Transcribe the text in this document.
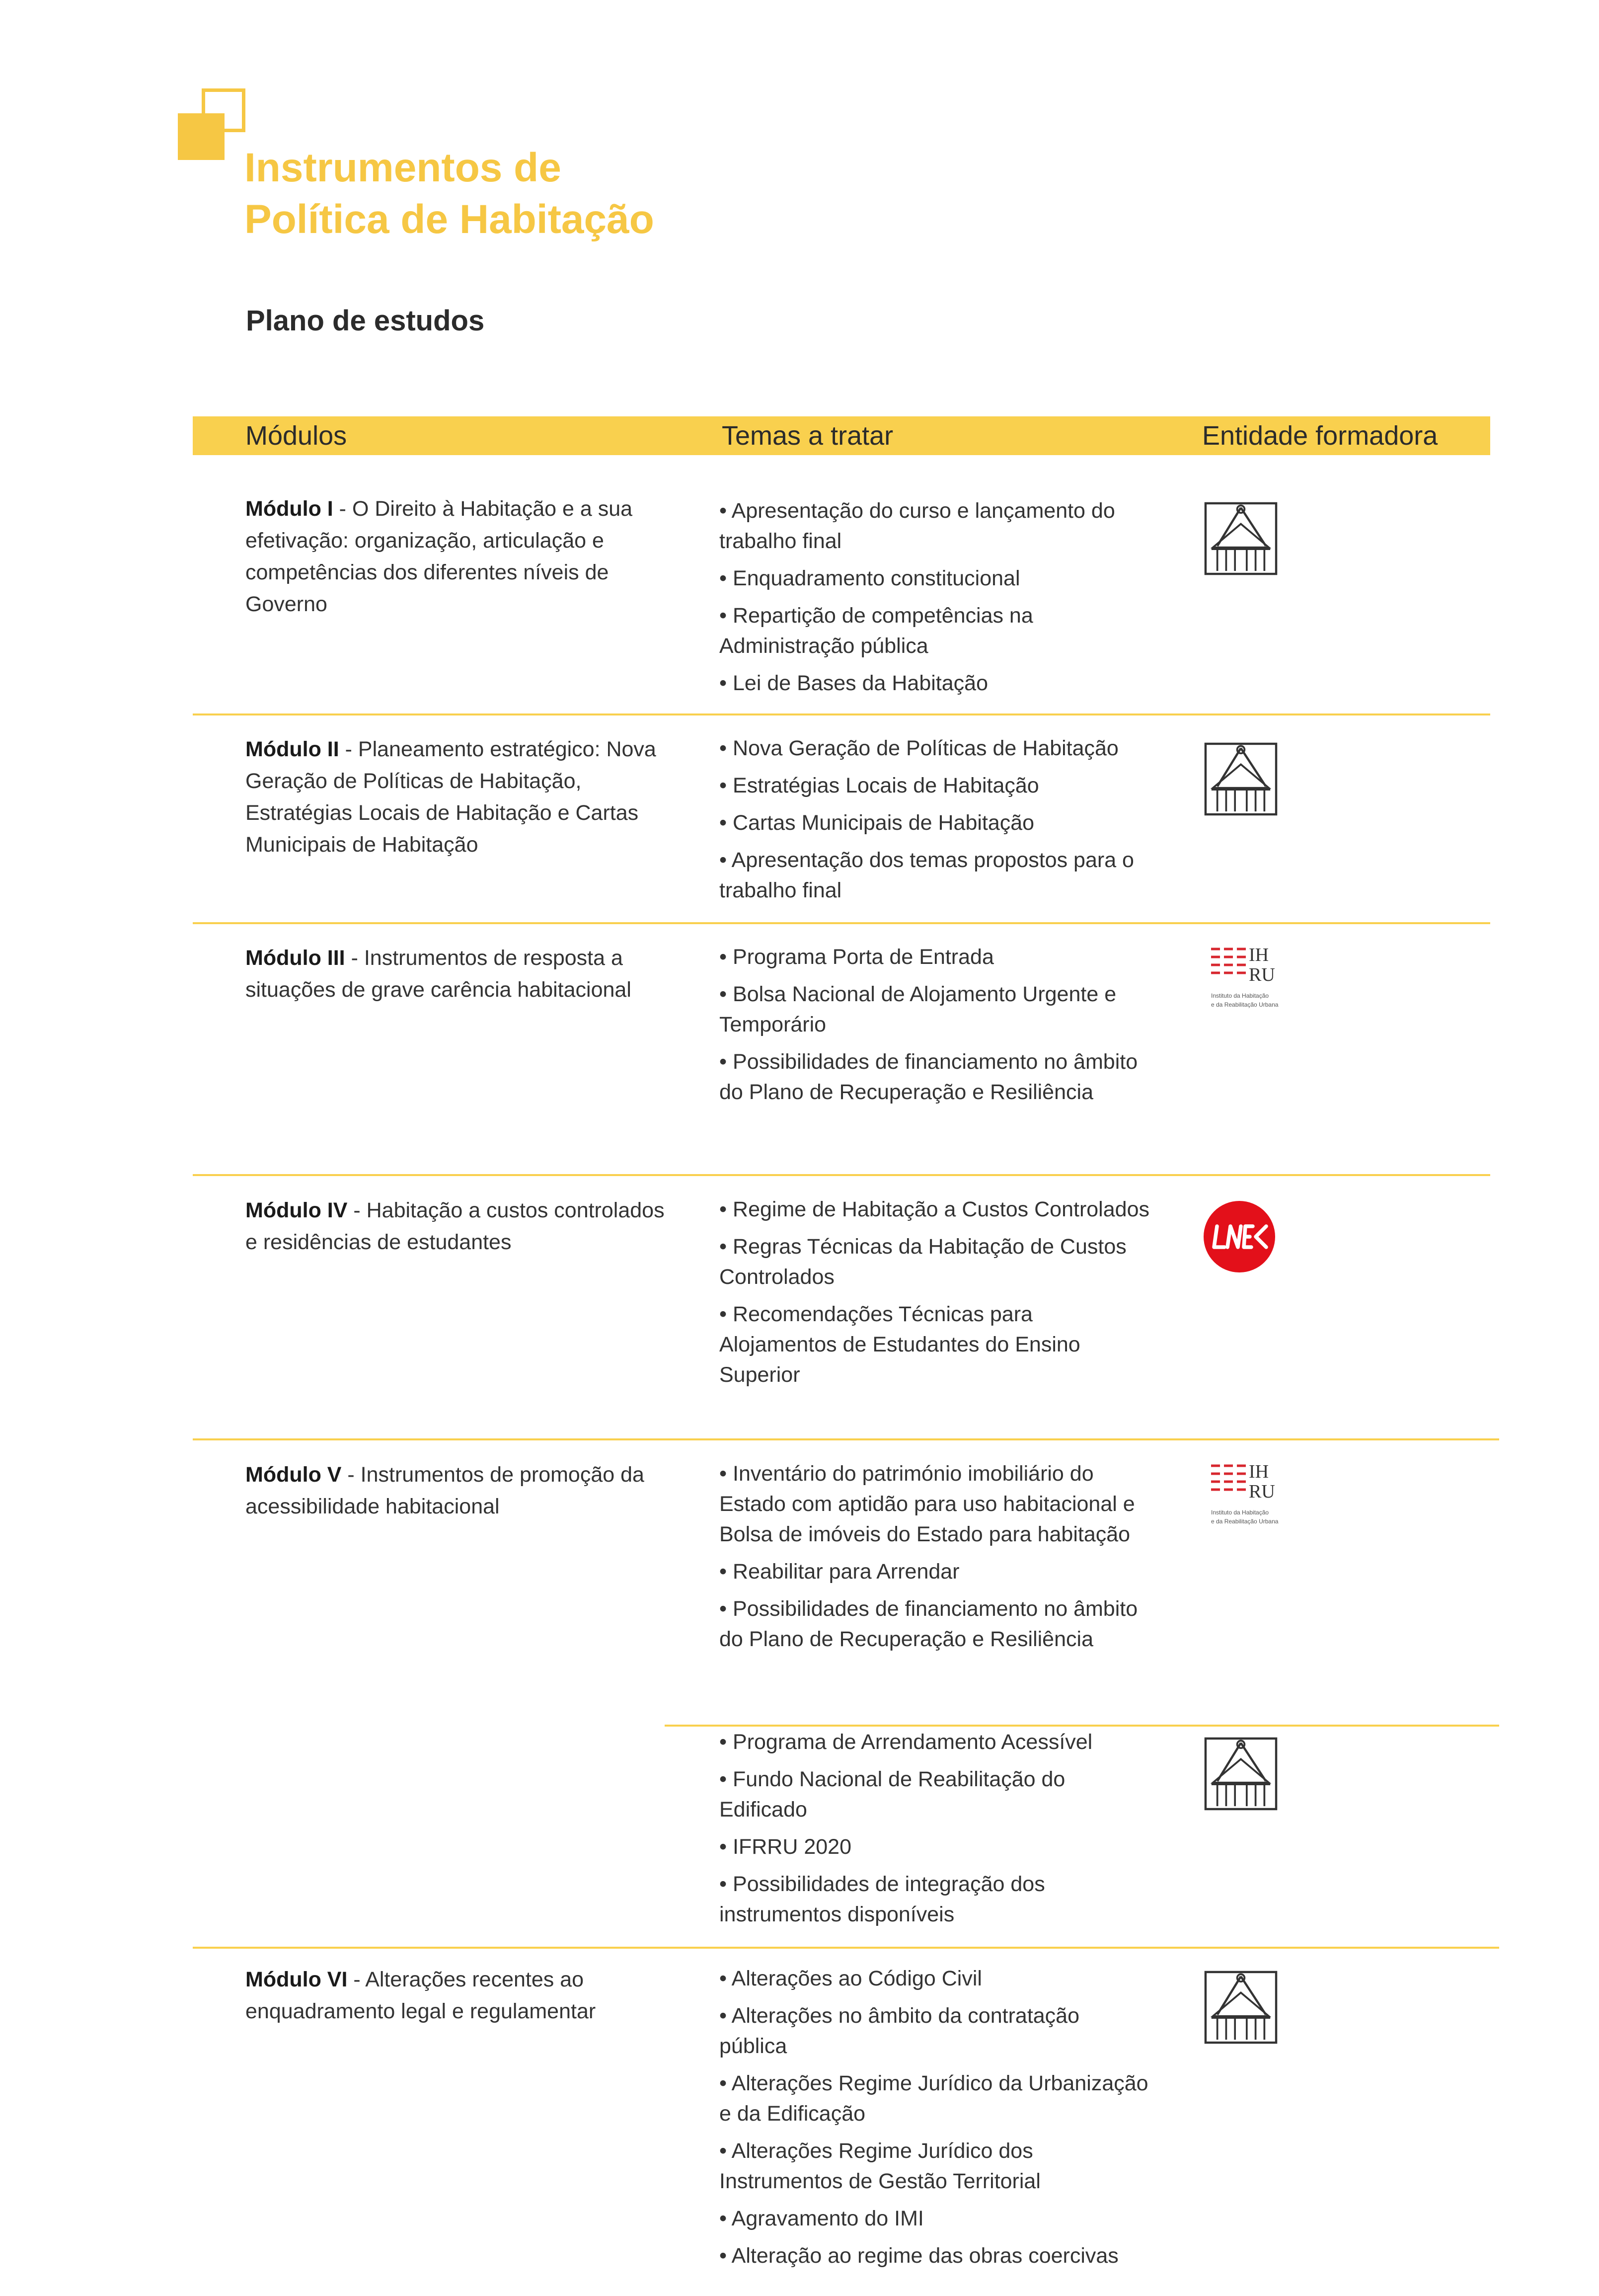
Instrumentos de
Política de Habitação
Plano de estudos
Módulos	Temas a tratar	Entidade formadora
Módulo I - O Direito à Habitação e a sua efetivação: organização, articulação e competências dos diferentes níveis de Governo
• Apresentação do curso e lançamento do trabalho final
• Enquadramento constitucional
• Repartição de competências na Administração pública
• Lei de Bases da Habitação
Módulo II - Planeamento estratégico: Nova Geração de Políticas de Habitação, Estratégias Locais de Habitação e Cartas Municipais de Habitação
• Nova Geração de Políticas de Habitação
• Estratégias Locais de Habitação
• Cartas Municipais de Habitação
• Apresentação dos temas propostos para o trabalho final
Módulo III - Instrumentos de resposta a situações de grave carência habitacional
• Programa Porta de Entrada
• Bolsa Nacional de Alojamento Urgente e Temporário
• Possibilidades de financiamento no âmbito do Plano de Recuperação e Resiliência
IH
RU
Instituto da Habitação
e da Reabilitação Urbana
Módulo IV - Habitação a custos controlados e residências de estudantes
• Regime de Habitação a Custos Controlados
• Regras Técnicas da Habitação de Custos Controlados
• Recomendações Técnicas para Alojamentos de Estudantes do Ensino Superior
LNEC
Módulo V - Instrumentos de promoção da acessibilidade habitacional
• Inventário do património imobiliário do Estado com aptidão para uso habitacional e Bolsa de imóveis do Estado para habitação
• Reabilitar para Arrendar
• Possibilidades de financiamento no âmbito do Plano de Recuperação e Resiliência
IH
RU
Instituto da Habitação
e da Reabilitação Urbana
• Programa de Arrendamento Acessível
• Fundo Nacional de Reabilitação do Edificado
• IFRRU 2020
• Possibilidades de integração dos instrumentos disponíveis
Módulo VI - Alterações recentes ao enquadramento legal e regulamentar
• Alterações ao Código Civil
• Alterações no âmbito da contratação pública
• Alterações Regime Jurídico da Urbanização e da Edificação
• Alterações Regime Jurídico dos Instrumentos de Gestão Territorial
• Agravamento do IMI
• Alteração ao regime das obras coercivas
